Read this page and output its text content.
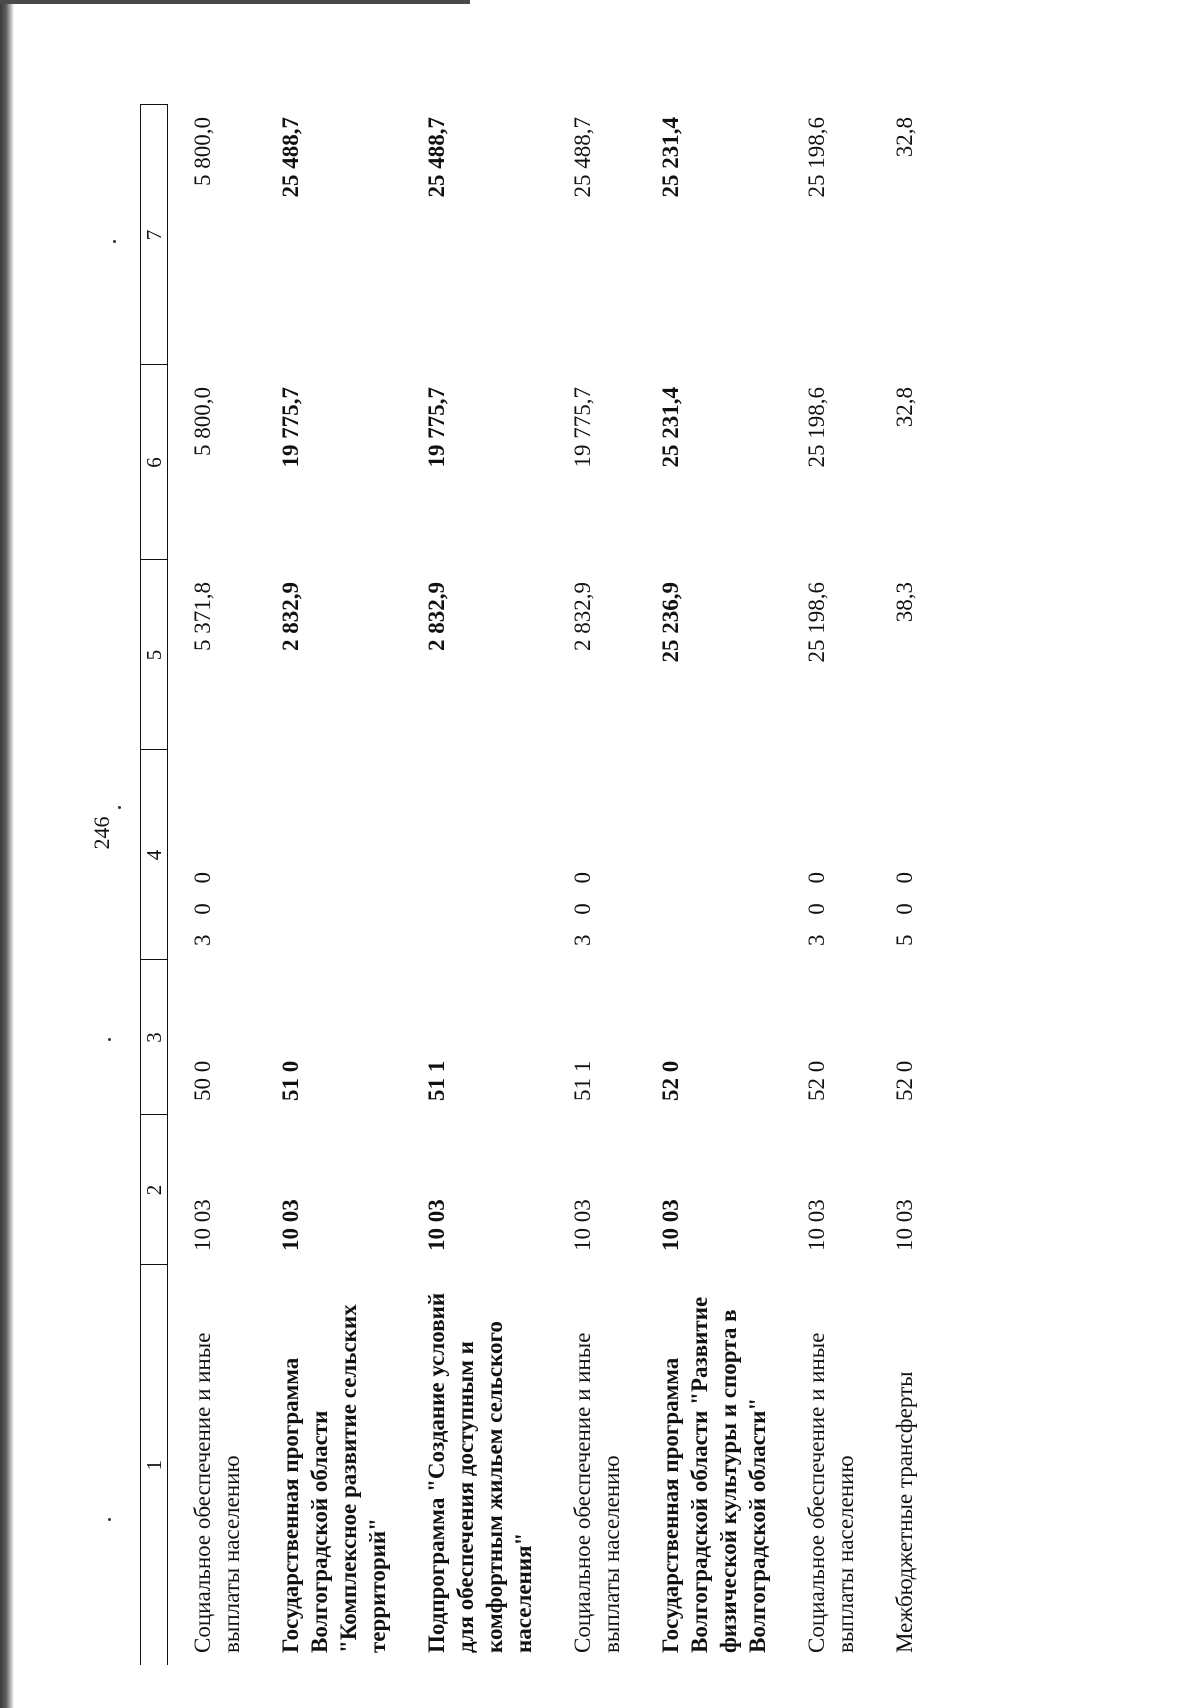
246
1	2	3	4	5	6	7
Социальное обеспечение и иные выплаты населению	10 03	50 0	3 0 0	5 371,8	5 800,0	5 800,0
Государственная программа Волгоградской области "Комплексное развитие сельских территорий"	10 03	51 0		2 832,9	19 775,7	25 488,7
Подпрограмма "Создание условий для обеспечения доступным и комфортным жильем сельского населения"	10 03	51 1		2 832,9	19 775,7	25 488,7
Социальное обеспечение и иные выплаты населению	10 03	51 1	3 0 0	2 832,9	19 775,7	25 488,7
Государственная программа Волгоградской области "Развитие физической культуры и спорта в Волгоградской области"	10 03	52 0		25 236,9	25 231,4	25 231,4
Социальное обеспечение и иные выплаты населению	10 03	52 0	3 0 0	25 198,6	25 198,6	25 198,6
Межбюджетные трансферты	10 03	52 0	5 0 0	38,3	32,8	32,8
